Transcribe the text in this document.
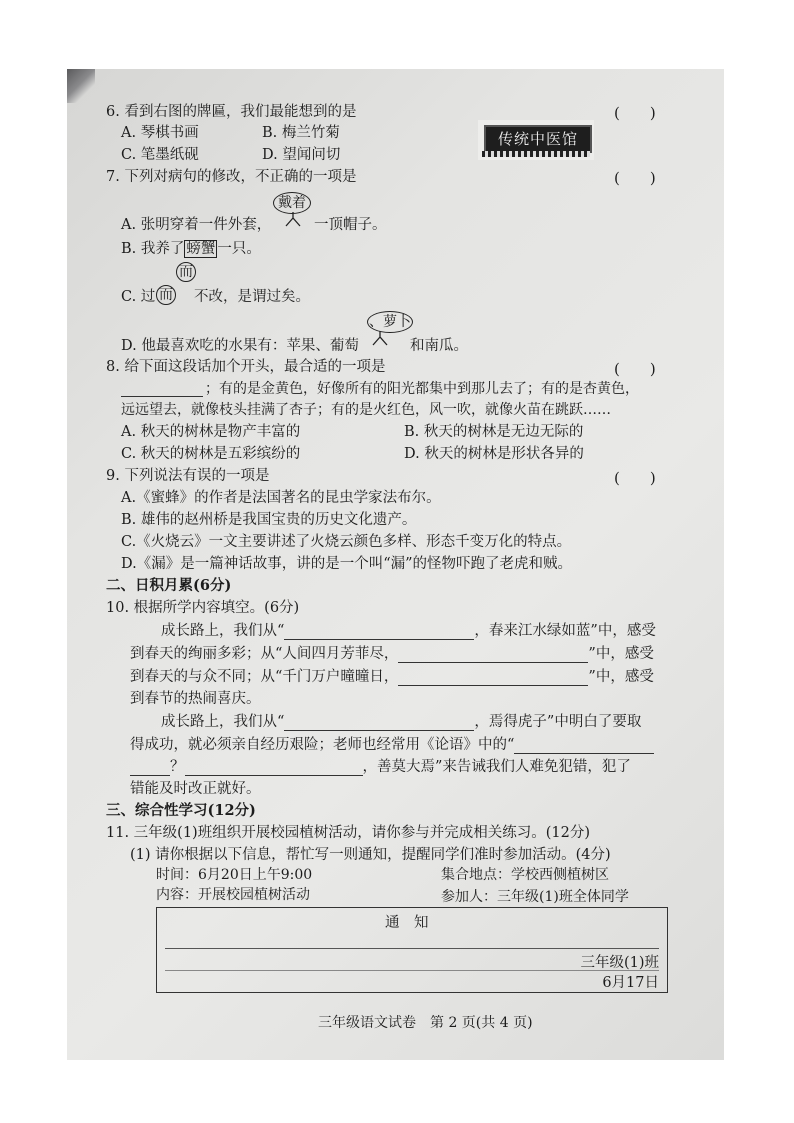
6. 看到右图的牌匾，我们最能想到的是	(　　)
A. 琴棋书画	B. 梅兰竹菊
C. 笔墨纸砚	D. 望闻问切
传统中医馆
7. 下列对病句的修改，不正确的一项是	(　　)
戴着
A. 张明穿着一件外套，	一顶帽子。
B. 我养了 螃蟹 一只。
而
C. 过 而 不改，是谓过矣。
、萝卜
D. 他最喜欢吃的水果有：苹果、葡萄	和南瓜。
8. 给下面这段话加个开头，最合适的一项是	(　　)
；有的是金黄色，好像所有的阳光都集中到那儿去了；有的是杏黄色，
远远望去，就像枝头挂满了杏子；有的是火红色，风一吹，就像火苗在跳跃……
A. 秋天的树林是物产丰富的	B. 秋天的树林是无边无际的
C. 秋天的树林是五彩缤纷的	D. 秋天的树林是形状各异的
9. 下列说法有误的一项是	(　　)
A.《蜜蜂》的作者是法国著名的昆虫学家法布尔。
B. 雄伟的赵州桥是我国宝贵的历史文化遗产。
C.《火烧云》一文主要讲述了火烧云颜色多样、形态千变万化的特点。
D.《漏》是一篇神话故事，讲的是一个叫“漏”的怪物吓跑了老虎和贼。
二、日积月累(6分)
10. 根据所学内容填空。(6分)
成长路上，我们从“	，春来江水绿如蓝”中，感受
到春天的绚丽多彩；从“人间四月芳菲尽，	”中，感受
到春天的与众不同；从“千门万户曈曈日，	”中，感受
到春节的热闹喜庆。
成长路上，我们从“	，焉得虎子”中明白了要取
得成功，就必须亲自经历艰险；老师也经常用《论语》中的“
？	，善莫大焉”来告诫我们人难免犯错，犯了
错能及时改正就好。
三、综合性学习(12分)
11. 三年级(1)班组织开展校园植树活动，请你参与并完成相关练习。(12分)
(1) 请你根据以下信息，帮忙写一则通知，提醒同学们准时参加活动。(4分)
时间：6月20日上午9:00	集合地点：学校西侧植树区
内容：开展校园植树活动	参加人：三年级(1)班全体同学
通　知
三年级(1)班
6月17日
三年级语文试卷　第 2 页(共 4 页)
